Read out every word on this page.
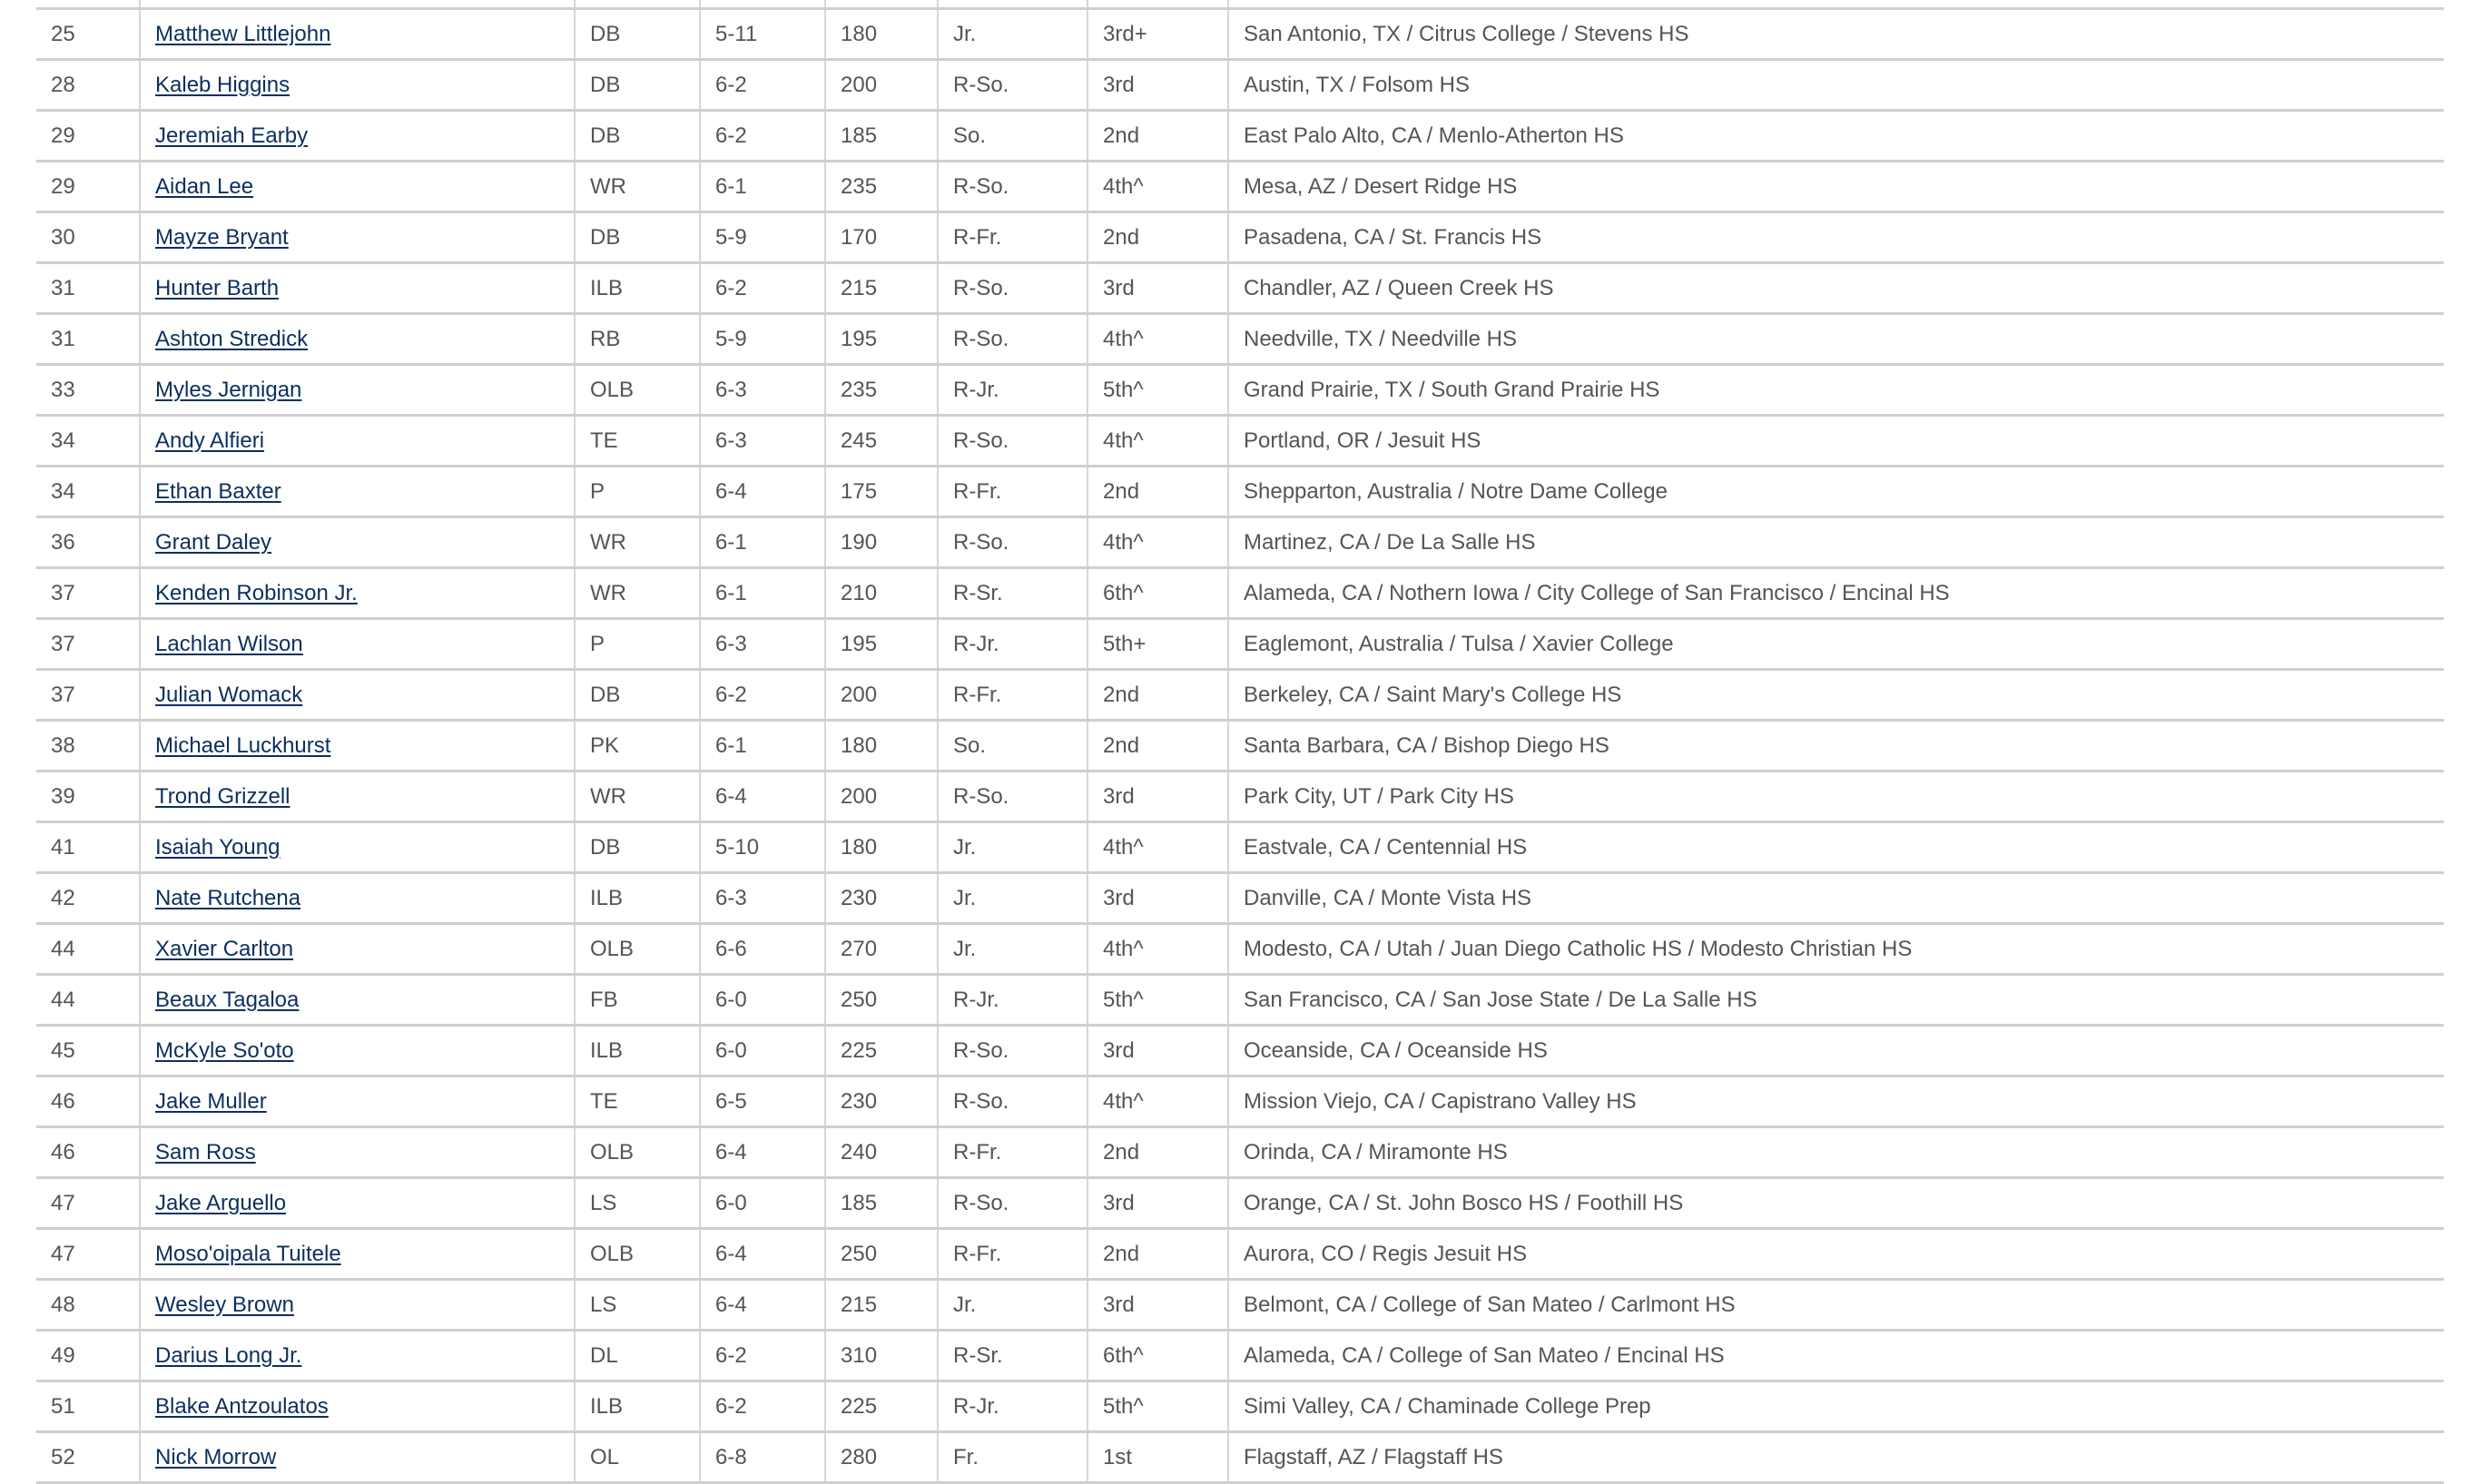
25	Matthew Littlejohn	DB	5-11	180	Jr.	3rd+	San Antonio, TX / Citrus College / Stevens HS
28	Kaleb Higgins	DB	6-2	200	R-So.	3rd	Austin, TX / Folsom HS
29	Jeremiah Earby	DB	6-2	185	So.	2nd	East Palo Alto, CA / Menlo-Atherton HS
29	Aidan Lee	WR	6-1	235	R-So.	4th^	Mesa, AZ / Desert Ridge HS
30	Mayze Bryant	DB	5-9	170	R-Fr.	2nd	Pasadena, CA / St. Francis HS
31	Hunter Barth	ILB	6-2	215	R-So.	3rd	Chandler, AZ / Queen Creek HS
31	Ashton Stredick	RB	5-9	195	R-So.	4th^	Needville, TX / Needville HS
33	Myles Jernigan	OLB	6-3	235	R-Jr.	5th^	Grand Prairie, TX / South Grand Prairie HS
34	Andy Alfieri	TE	6-3	245	R-So.	4th^	Portland, OR / Jesuit HS
34	Ethan Baxter	P	6-4	175	R-Fr.	2nd	Shepparton, Australia / Notre Dame College
36	Grant Daley	WR	6-1	190	R-So.	4th^	Martinez, CA / De La Salle HS
37	Kenden Robinson Jr.	WR	6-1	210	R-Sr.	6th^	Alameda, CA / Nothern Iowa / City College of San Francisco / Encinal HS
37	Lachlan Wilson	P	6-3	195	R-Jr.	5th+	Eaglemont, Australia / Tulsa / Xavier College
37	Julian Womack	DB	6-2	200	R-Fr.	2nd	Berkeley, CA / Saint Mary's College HS
38	Michael Luckhurst	PK	6-1	180	So.	2nd	Santa Barbara, CA / Bishop Diego HS
39	Trond Grizzell	WR	6-4	200	R-So.	3rd	Park City, UT / Park City HS
41	Isaiah Young	DB	5-10	180	Jr.	4th^	Eastvale, CA / Centennial HS
42	Nate Rutchena	ILB	6-3	230	Jr.	3rd	Danville, CA / Monte Vista HS
44	Xavier Carlton	OLB	6-6	270	Jr.	4th^	Modesto, CA / Utah / Juan Diego Catholic HS / Modesto Christian HS
44	Beaux Tagaloa	FB	6-0	250	R-Jr.	5th^	San Francisco, CA / San Jose State / De La Salle HS
45	McKyle So'oto	ILB	6-0	225	R-So.	3rd	Oceanside, CA / Oceanside HS
46	Jake Muller	TE	6-5	230	R-So.	4th^	Mission Viejo, CA / Capistrano Valley HS
46	Sam Ross	OLB	6-4	240	R-Fr.	2nd	Orinda, CA / Miramonte HS
47	Jake Arguello	LS	6-0	185	R-So.	3rd	Orange, CA / St. John Bosco HS / Foothill HS
47	Moso'oipala Tuitele	OLB	6-4	250	R-Fr.	2nd	Aurora, CO / Regis Jesuit HS
48	Wesley Brown	LS	6-4	215	Jr.	3rd	Belmont, CA / College of San Mateo / Carlmont HS
49	Darius Long Jr.	DL	6-2	310	R-Sr.	6th^	Alameda, CA / College of San Mateo / Encinal HS
51	Blake Antzoulatos	ILB	6-2	225	R-Jr.	5th^	Simi Valley, CA / Chaminade College Prep
52	Nick Morrow	OL	6-8	280	Fr.	1st	Flagstaff, AZ / Flagstaff HS
